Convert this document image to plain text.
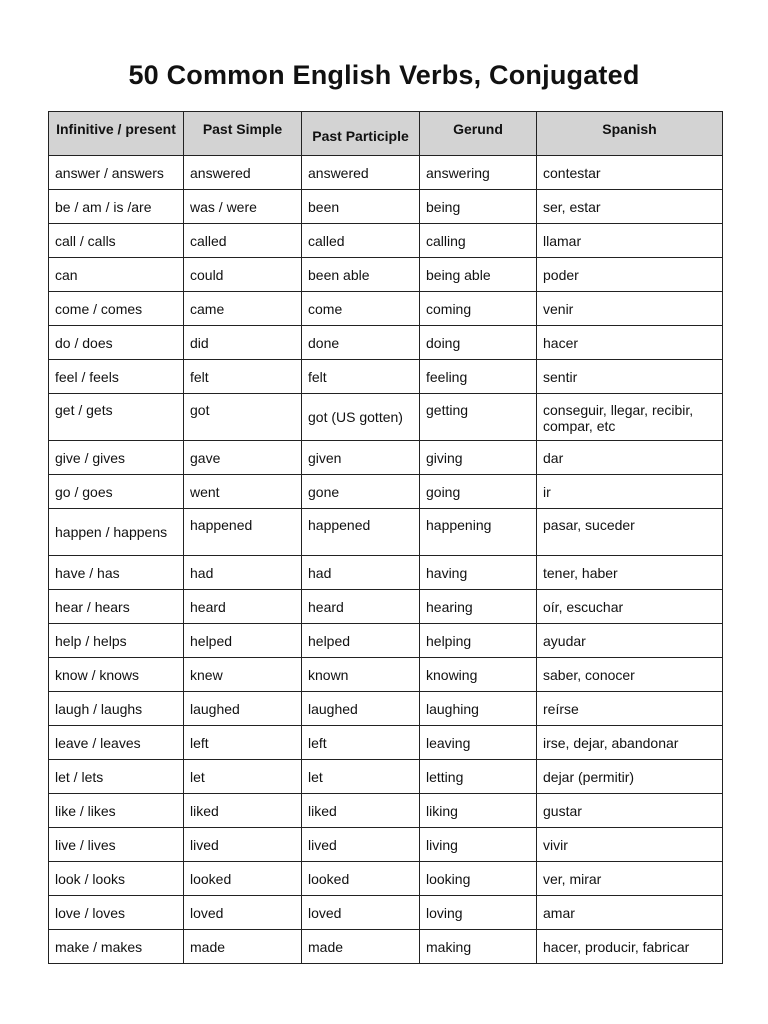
50 Common English Verbs, Conjugated
Infinitive / present	Past Simple	Past Participle	Gerund	Spanish
answer / answers	answered	answered	answering	contestar
be / am / is /are	was / were	been	being	ser, estar
call / calls	called	called	calling	llamar
can	could	been able	being able	poder
come / comes	came	come	coming	venir
do / does	did	done	doing	hacer
feel / feels	felt	felt	feeling	sentir
get / gets	got	got (US gotten)	getting	conseguir, llegar, recibir, compar, etc
give / gives	gave	given	giving	dar
go / goes	went	gone	going	ir
happen / happens	happened	happened	happening	pasar, suceder
have / has	had	had	having	tener, haber
hear / hears	heard	heard	hearing	oír, escuchar
help / helps	helped	helped	helping	ayudar
know / knows	knew	known	knowing	saber, conocer
laugh / laughs	laughed	laughed	laughing	reírse
leave / leaves	left	left	leaving	irse, dejar, abandonar
let / lets	let	let	letting	dejar (permitir)
like / likes	liked	liked	liking	gustar
live / lives	lived	lived	living	vivir
look / looks	looked	looked	looking	ver, mirar
love / loves	loved	loved	loving	amar
make / makes	made	made	making	hacer, producir, fabricar
